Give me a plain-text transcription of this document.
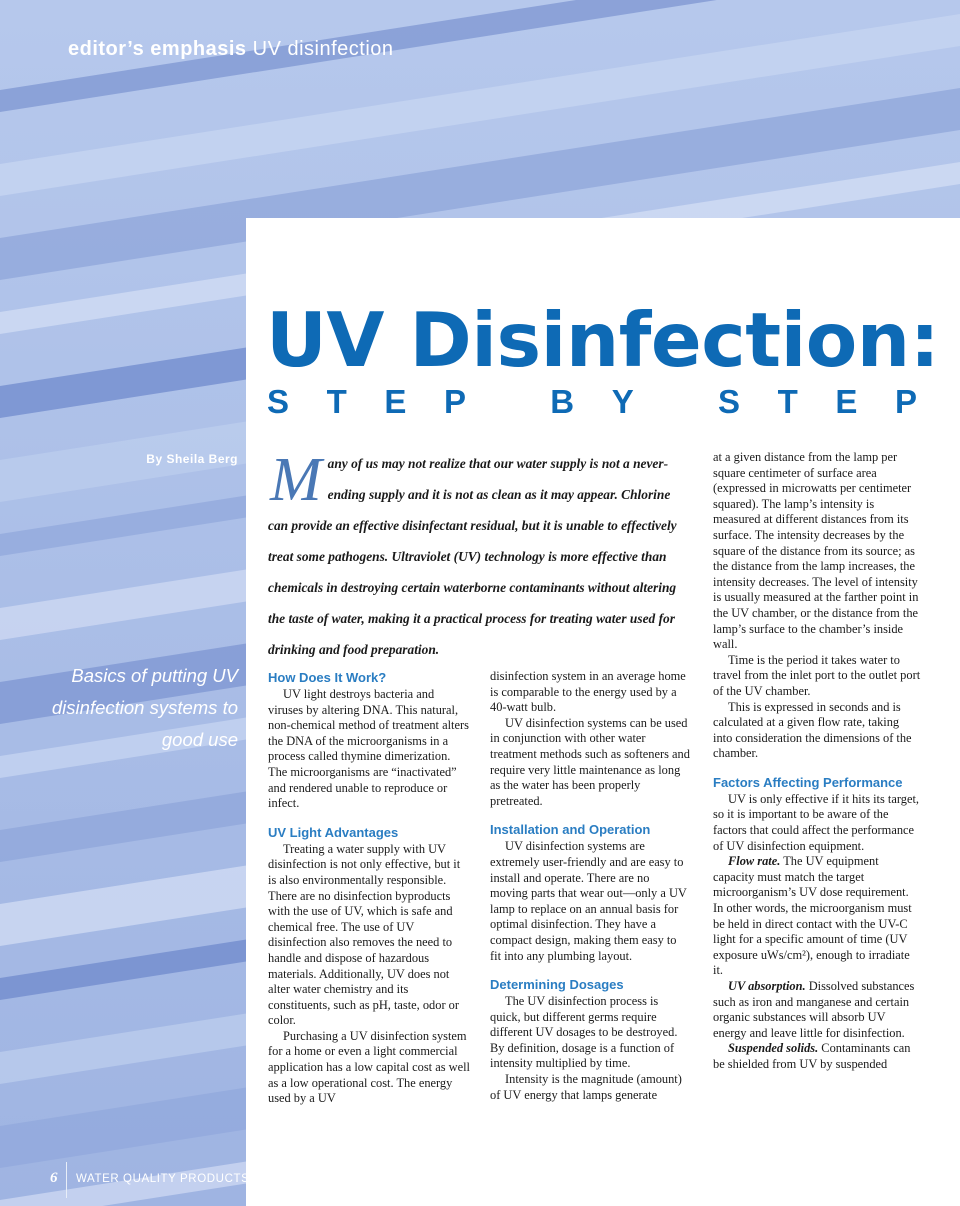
editor’s emphasis UV disinfection
UV Disinfection:
S T E P
	B Y
	S T E P
By Sheila Berg
Basics of putting UV disinfection systems to good use
Many of us may not realize that our water supply is not a never-ending supply and it is not as clean as it may appear. Chlorine can provide an effective disinfectant residual, but it is unable to effectively treat some pathogens. Ultraviolet (UV) technology is more effective than chemicals in destroying certain waterborne contaminants without altering the taste of water, making it a practical process for treating water used for drinking and food preparation.
How Does It Work?

UV light destroys bacteria and viruses by altering DNA. This natural, non-chemical method of treatment alters the DNA of the microorganisms in a process called thymine dimerization. The microorganisms are “inactivated” and rendered unable to reproduce or infect.

UV Light Advantages

Treating a water supply with UV disinfection is not only effective, but it is also environmentally responsible. There are no disinfection byproducts with the use of UV, which is safe and chemical free. The use of UV disinfection also removes the need to handle and dispose of hazardous materials. Additionally, UV does not alter water chemistry and its constituents, such as pH, taste, odor or color.

Purchasing a UV disinfection system for a home or even a light commercial application has a low capital cost as well as a low operational cost. The energy used by a UV

disinfection system in an average home is comparable to the energy used by a 40-watt bulb.

UV disinfection systems can be used in conjunction with other water treatment methods such as softeners and require very little maintenance as long as the water has been properly pretreated.

Installation and Operation

UV disinfection systems are extremely user-friendly and are easy to install and operate. There are no moving parts that wear out—only a UV lamp to replace on an annual basis for optimal disinfection. They have a compact design, making them easy to fit into any plumbing layout.

Determining Dosages

The UV disinfection process is quick, but different germs require different UV dosages to be destroyed. By definition, dosage is a function of intensity multiplied by time.

Intensity is the magnitude (amount) of UV energy that lamps generate

at a given distance from the lamp per square centimeter of surface area (expressed in microwatts per centimeter squared). The lamp’s intensity is measured at different distances from its surface. The intensity decreases by the square of the distance from its source; as the distance from the lamp increases, the intensity decreases. The level of intensity is usually measured at the farther point in the UV chamber, or the distance from the lamp’s surface to the chamber’s inside wall.

Time is the period it takes water to travel from the inlet port to the outlet port of the UV chamber.

This is expressed in seconds and is calculated at a given flow rate, taking into consideration the dimensions of the chamber.

Factors Affecting Performance

UV is only effective if it hits its target, so it is important to be aware of the factors that could affect the performance of UV disinfection equipment.

Flow rate. The UV equipment capacity must match the target microorganism’s UV dose requirement. In other words, the microorganism must be held in direct contact with the UV-C light for a specific amount of time (UV exposure uWs/cm²), enough to irradiate it.

UV absorption. Dissolved substances such as iron and manganese and certain organic substances will absorb UV energy and leave little for disinfection.

Suspended solids. Contaminants can be shielded from UV by suspended

6 WATER QUALITY PRODUCTS
